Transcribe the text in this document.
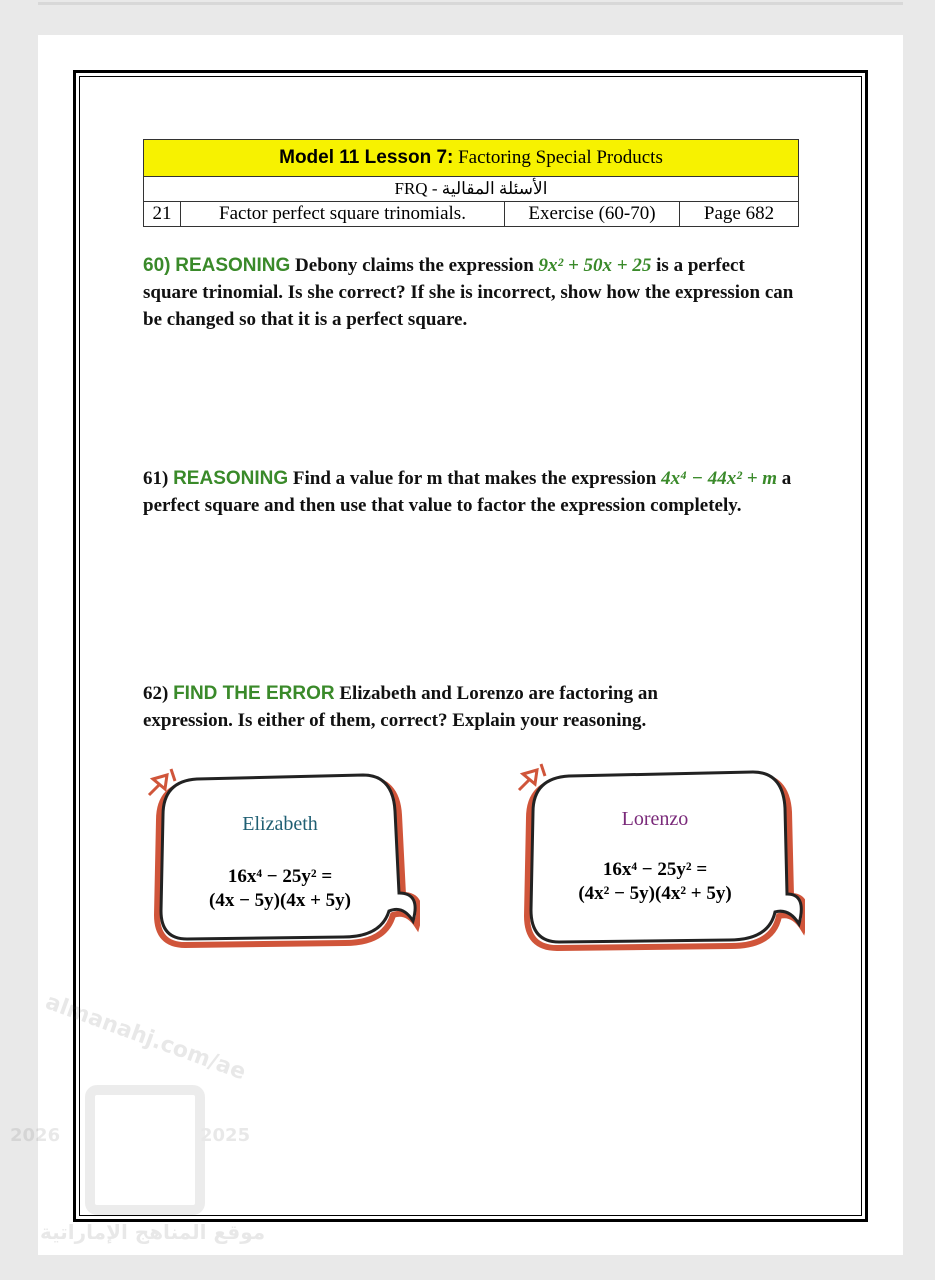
Model 11 Lesson 7: Factoring Special Products
FRQ - الأسئلة المقالية
21	Factor perfect square trinomials.	Exercise (60-70)	Page 682
60) REASONING Debony claims the expression 9x² + 50x + 25 is a perfect square trinomial. Is she correct? If she is incorrect, show how the expression can be changed so that it is a perfect square.
61) REASONING Find a value for m that makes the expression 4x⁴ − 44x² + m a perfect square and then use that value to factor the expression completely.
62) FIND THE ERROR Elizabeth and Lorenzo are factoring an expression. Is either of them, correct? Explain your reasoning.
Elizabeth
16x⁴ − 25y² =
(4x − 5y)(4x + 5y)
Lorenzo
16x⁴ − 25y² =
(4x² − 5y)(4x² + 5y)
almanahj.com/ae
2026	2025
موقع المناهج الإماراتية
